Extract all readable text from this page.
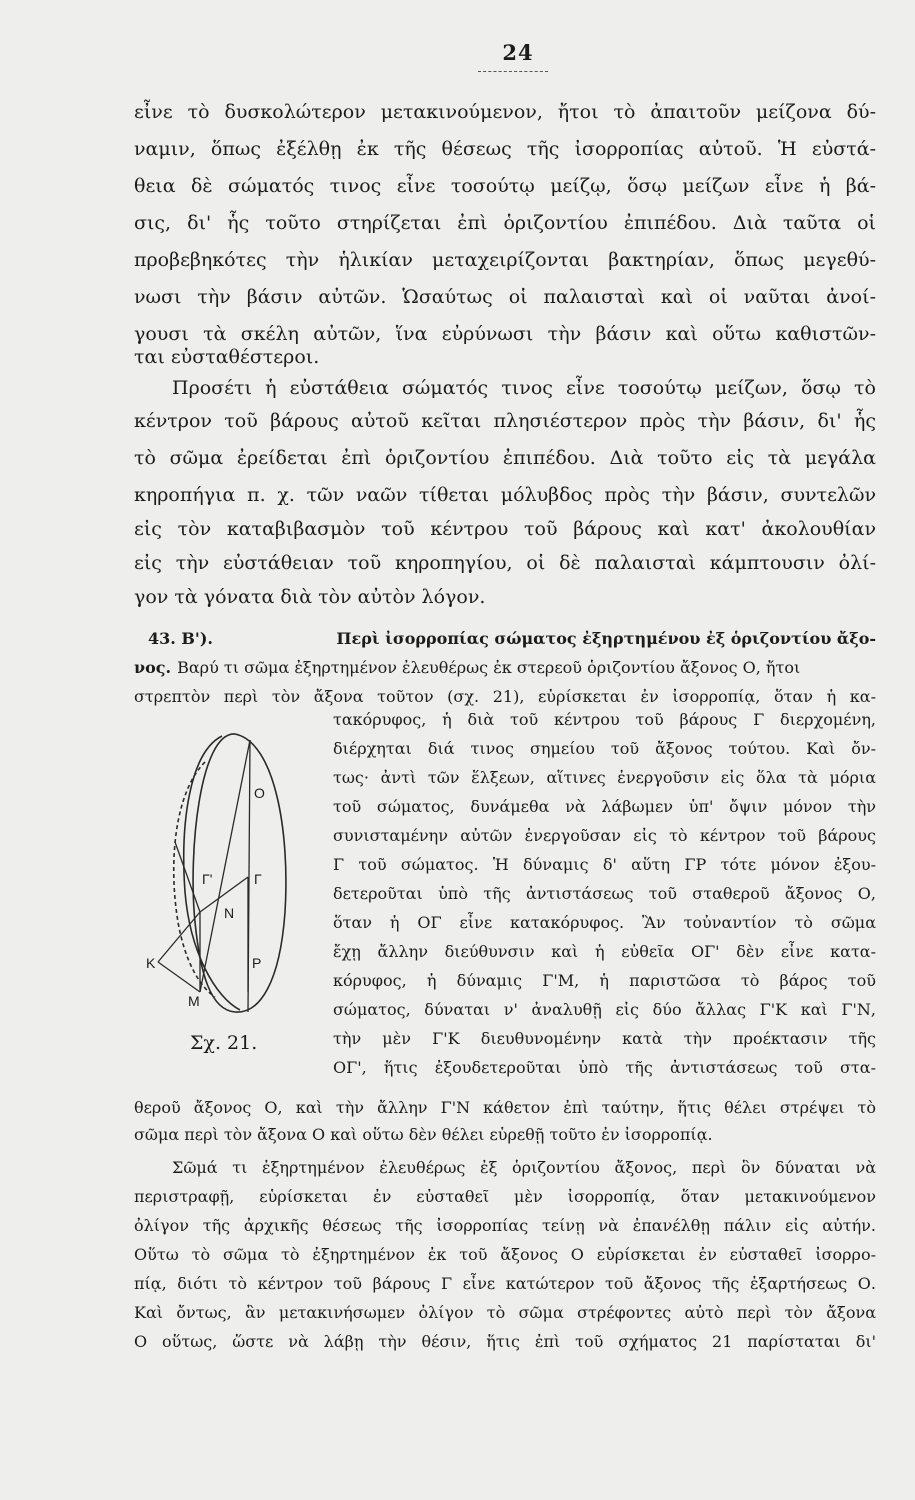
24
εἶνε τὸ δυσκολώτερον μετακινούμενον, ἤτοι τὸ ἀπαιτοῦν μείζονα δύ-
ναμιν, ὅπως ἐξέλθῃ ἐκ τῆς θέσεως τῆς ἰσορροπίας αὐτοῦ. Ἡ εὐστά-
θεια δὲ σώματός τινος εἶνε τοσούτῳ μείζῳ, ὅσῳ μείζων εἶνε ἡ βά-
σις, δι' ἧς τοῦτο στηρίζεται ἐπὶ ὁριζοντίου ἐπιπέδου. Διὰ ταῦτα οἱ
προβεβηκότες τὴν ἡλικίαν μεταχειρίζονται βακτηρίαν, ὅπως μεγεθύ-
νωσι τὴν βάσιν αὐτῶν. Ὡσαύτως οἱ παλαισταὶ καὶ οἱ ναῦται ἀνοί-
γουσι τὰ σκέλη αὐτῶν, ἵνα εὐρύνωσι τὴν βάσιν καὶ οὕτω καθιστῶν-
ται εὐσταθέστεροι.
Προσέτι ἡ εὐστάθεια σώματός τινος εἶνε τοσούτῳ μείζων, ὅσῳ τὸ
κέντρον τοῦ βάρους αὐτοῦ κεῖται πλησιέστερον πρὸς τὴν βάσιν, δι' ἧς
τὸ σῶμα ἐρείδεται ἐπὶ ὁριζοντίου ἐπιπέδου. Διὰ τοῦτο εἰς τὰ μεγάλα
κηροπήγια π. χ. τῶν ναῶν τίθεται μόλυβδος πρὸς τὴν βάσιν, συντελῶν
εἰς τὸν καταβιβασμὸν τοῦ κέντρου τοῦ βάρους καὶ κατ' ἀκολουθίαν
εἰς τὴν εὐστάθειαν τοῦ κηροπηγίου, οἱ δὲ παλαισταὶ κάμπτουσιν ὀλί-
γον τὰ γόνατα διὰ τὸν αὐτὸν λόγον.
43. Β').	Περὶ ἰσορροπίας σώματος ἐξηρτημένου ἐξ ὁριζοντίου ἄξο-
νος. Βαρύ τι σῶμα ἐξηρτημένον ἐλευθέρως ἐκ στερεοῦ ὁριζοντίου ἄξονος Ο, ἤτοι
στρεπτὸν περὶ τὸν ἄξονα τοῦτον (σχ. 21), εὑρίσκεται ἐν ἰσορροπίᾳ, ὅταν ἡ κα-
τακόρυφος, ἡ διὰ τοῦ κέντρου τοῦ βάρους Γ διερχομένη,
διέρχηται διά τινος σημείου τοῦ ἄξονος τούτου. Καὶ ὄν-
τως· ἀντὶ τῶν ἕλξεων, αἵτινες ἐνεργοῦσιν εἰς ὅλα τὰ μόρια
τοῦ σώματος, δυνάμεθα νὰ λάβωμεν ὑπ' ὄψιν μόνον τὴν
συνισταμένην αὐτῶν ἐνεργοῦσαν εἰς τὸ κέντρον τοῦ βάρους
Γ τοῦ σώματος. Ἡ δύναμις δ' αὕτη ΓΡ τότε μόνον ἐξου-
δετεροῦται ὑπὸ τῆς ἀντιστάσεως τοῦ σταθεροῦ ἄξονος Ο,
ὅταν ἡ ΟΓ εἶνε κατακόρυφος. Ἂν τοὐναντίον τὸ σῶμα
ἔχῃ ἄλλην διεύθυνσιν καὶ ἡ εὐθεῖα ΟΓ' δὲν εἶνε κατα-
κόρυφος, ἡ δύναμις Γ'Μ, ἡ παριστῶσα τὸ βάρος τοῦ
σώματος, δύναται ν' ἀναλυθῇ εἰς δύο ἄλλας Γ'Κ καὶ Γ'Ν,
τὴν μὲν Γ'Κ διευθυνομένην κατὰ τὴν προέκτασιν τῆς
ΟΓ', ἥτις ἐξουδετεροῦται ὑπὸ τῆς ἀντιστάσεως τοῦ στα-
O
Γ
Γ'
N
P
K
M
Σχ. 21.
θεροῦ ἄξονος Ο, καὶ τὴν ἄλλην Γ'Ν κάθετον ἐπὶ ταύτην, ἥτις θέλει στρέψει τὸ
σῶμα περὶ τὸν ἄξονα Ο καὶ οὕτω δὲν θέλει εὑρεθῇ τοῦτο ἐν ἰσορροπίᾳ.
Σῶμά τι ἐξηρτημένον ἐλευθέρως ἐξ ὁριζοντίου ἄξονος, περὶ ὃν δύναται νὰ
περιστραφῇ, εὑρίσκεται ἐν εὐσταθεῖ μὲν ἰσορροπίᾳ, ὅταν μετακινούμενον
ὀλίγον τῆς ἀρχικῆς θέσεως τῆς ἰσορροπίας τείνῃ νὰ ἐπανέλθῃ πάλιν εἰς αὐτήν.
Οὕτω τὸ σῶμα τὸ ἐξηρτημένον ἐκ τοῦ ἄξονος Ο εὑρίσκεται ἐν εὐσταθεῖ ἰσορρο-
πίᾳ, διότι τὸ κέντρον τοῦ βάρους Γ εἶνε κατώτερον τοῦ ἄξονος τῆς ἐξαρτήσεως Ο.
Καὶ ὄντως, ἂν μετακινήσωμεν ὀλίγον τὸ σῶμα στρέφοντες αὐτὸ περὶ τὸν ἄξονα
Ο οὕτως, ὥστε νὰ λάβῃ τὴν θέσιν, ἥτις ἐπὶ τοῦ σχήματος 21 παρίσταται δι'
